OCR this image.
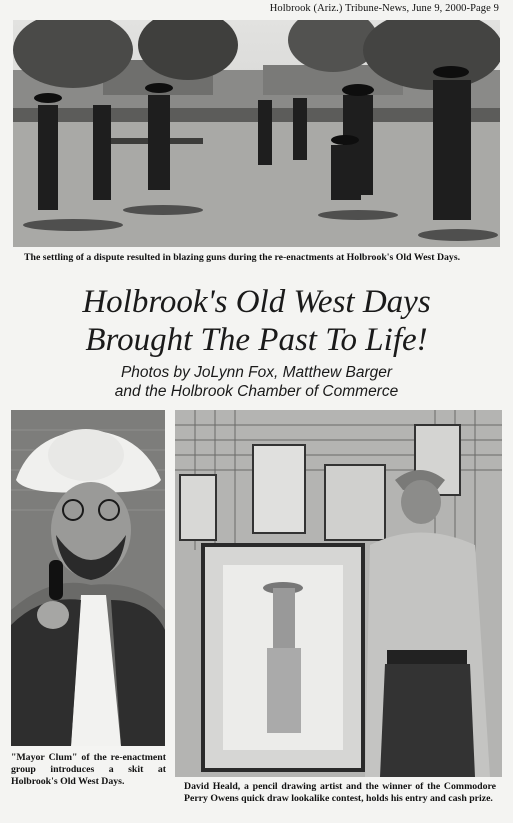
Holbrook (Ariz.) Tribune-News, June 9, 2000-Page 9
The settling of a dispute resulted in blazing guns during the re-enactments at Holbrook's Old West Days.
Holbrook's Old West Days
Brought The Past To Life!
Photos by JoLynn Fox, Matthew Barger
and the Holbrook Chamber of Commerce
"Mayor Clum" of the re-enactment group introduces a skit at Holbrook's Old West Days.	David Heald, a pencil drawing artist and the winner of the Commodore Perry Owens quick draw lookalike contest, holds his entry and cash prize.
